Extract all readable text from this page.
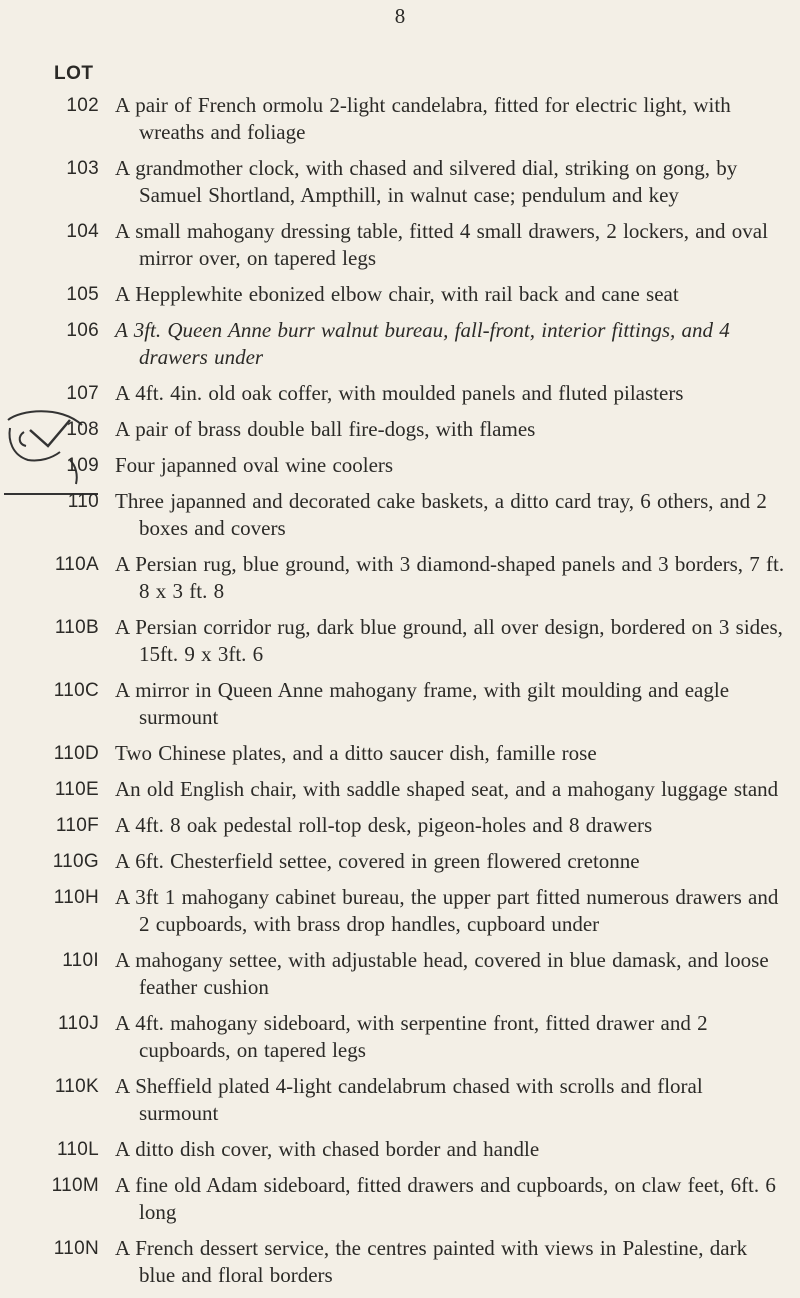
8
LOT
102 A pair of French ormolu 2-light candelabra, fitted for electric light, with wreaths and foliage
103 A grandmother clock, with chased and silvered dial, striking on gong, by Samuel Shortland, Ampthill, in walnut case; pendulum and key
104 A small mahogany dressing table, fitted 4 small drawers, 2 lockers, and oval mirror over, on tapered legs
105 A Hepplewhite ebonized elbow chair, with rail back and cane seat
106 A 3ft. Queen Anne burr walnut bureau, fall-front, interior fittings, and 4 drawers under
107 A 4ft. 4in. old oak coffer, with moulded panels and fluted pilasters
108 A pair of brass double ball fire-dogs, with flames
109 Four japanned oval wine coolers
110 Three japanned and decorated cake baskets, a ditto card tray, 6 others, and 2 boxes and covers
110A A Persian rug, blue ground, with 3 diamond-shaped panels and 3 borders, 7 ft. 8 x 3 ft. 8
110B A Persian corridor rug, dark blue ground, all over design, bordered on 3 sides, 15ft. 9 x 3ft. 6
110C A mirror in Queen Anne mahogany frame, with gilt moulding and eagle surmount
110D Two Chinese plates, and a ditto saucer dish, famille rose
110E An old English chair, with saddle shaped seat, and a mahogany luggage stand
110F A 4ft. 8 oak pedestal roll-top desk, pigeon-holes and 8 drawers
110G A 6ft. Chesterfield settee, covered in green flowered cretonne
110H A 3ft 1 mahogany cabinet bureau, the upper part fitted numerous drawers and 2 cupboards, with brass drop handles, cupboard under
110I A mahogany settee, with adjustable head, covered in blue damask, and loose feather cushion
110J A 4ft. mahogany sideboard, with serpentine front, fitted drawer and 2 cupboards, on tapered legs
110K A Sheffield plated 4-light candelabrum chased with scrolls and floral surmount
110L A ditto dish cover, with chased border and handle
110M A fine old Adam sideboard, fitted drawers and cupboards, on claw feet, 6ft. 6 long
110N A French dessert service, the centres painted with views in Palestine, dark blue and floral borders
